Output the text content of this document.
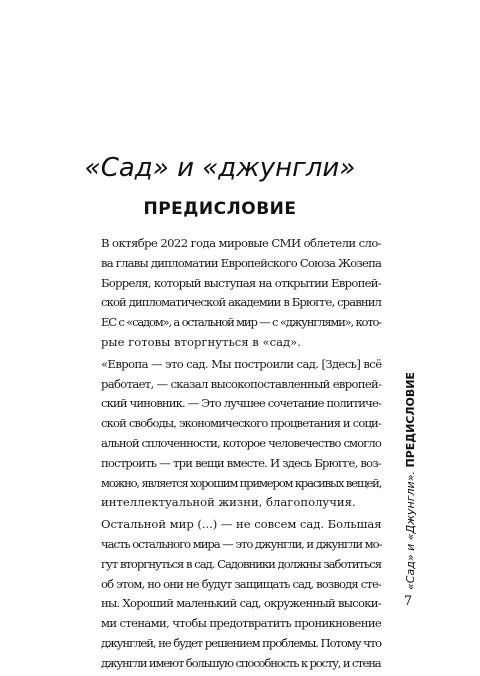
«Сад» и «джунгли»
ПРЕДИСЛОВИЕ

В октябре 2022 года мировые СМИ облетели сло-
ва главы дипломатии Европейского Союза Жозепа
Борреля, который выступая на открытии Европей-
ской дипломатической академии в Брюгге, сравнил
ЕС с «садом», а остальной мир — с «джунглями», кото-
рые готовы вторгнуться в «сад».

«Европа — это сад. Мы построили сад. [Здесь] всё
работает, — сказал высокопоставленный европей-
ский чиновник. — Это лучшее сочетание политиче-
ской свободы, экономического процветания и соци-
альной сплоченности, которое человечество смогло
построить — три вещи вместе. И здесь Брюгге, воз-
можно, является хорошим примером красивых вещей,
интеллектуальной жизни, благополучия.

Остальной мир (...) — не совсем сад. Большая
часть остального мира — это джунгли, и джунгли мо-
гут вторгнуться в сад. Садовники должны заботиться
об этом, но они не будут защищать сад, возводя сте-
ны. Хороший маленький сад, окруженный высоки-
ми стенами, чтобы предотвратить проникновение
джунглей, не будет решением проблемы. Потому что
джунгли имеют большую способность к росту, и стена

«Сад» и «Джунгли». ПРЕДИСЛОВИЕ
7
